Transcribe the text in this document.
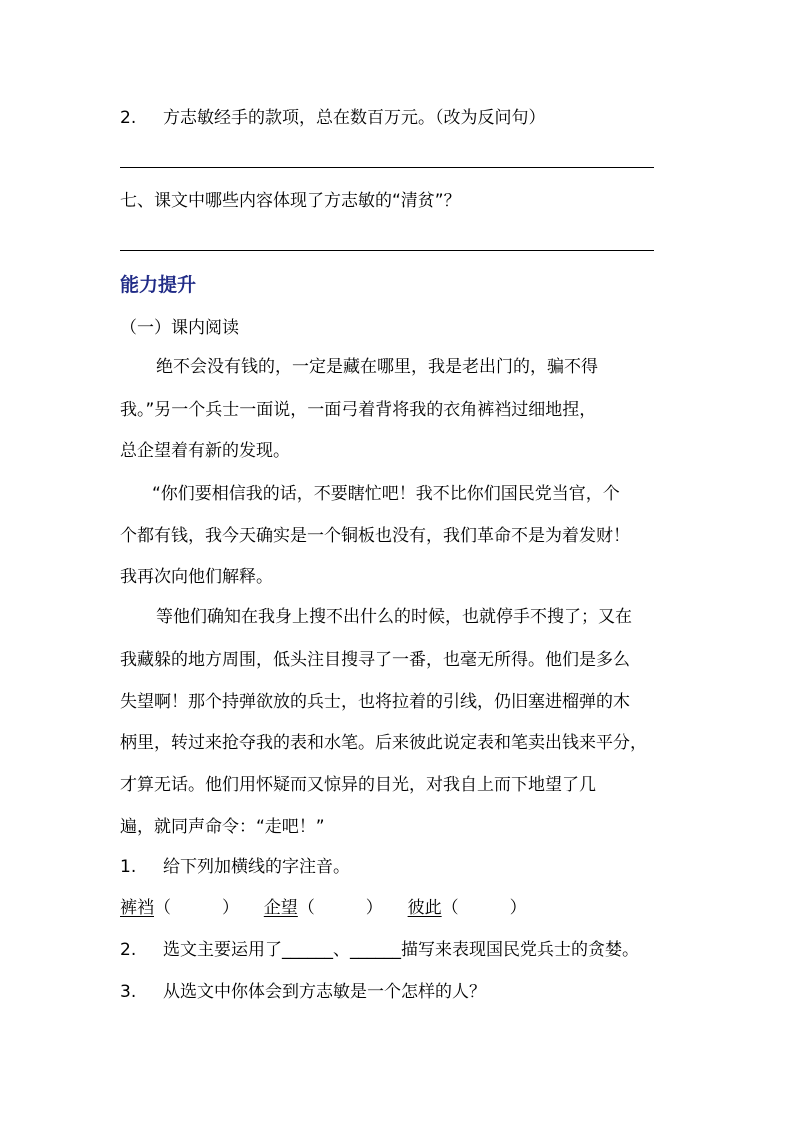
2. 方志敏经手的款项，总在数百万元。（改为反问句）
七、课文中哪些内容体现了方志敏的“清贫”？
能力提升
（一）课内阅读
绝不会没有钱的，一定是藏在哪里，我是老出门的，骗不得
我。”另一个兵士一面说，一面弓着背将我的衣角裤裆过细地捏，
总企望着有新的发现。
“你们要相信我的话，不要瞎忙吧！我不比你们国民党当官，个
个都有钱，我今天确实是一个铜板也没有，我们革命不是为着发财！
我再次向他们解释。
等他们确知在我身上搜不出什么的时候，也就停手不搜了；又在
我藏躲的地方周围，低头注目搜寻了一番，也毫无所得。他们是多么
失望啊！那个持弹欲放的兵士，也将拉着的引线，仍旧塞进榴弹的木
柄里，转过来抢夺我的表和水笔。后来彼此说定表和笔卖出钱来平分，
才算无话。他们用怀疑而又惊异的目光，对我自上而下地望了几
遍，就同声命令：“走吧！”
1. 给下列加横线的字注音。
裤裆（　　　） 企望（　　　） 彼此（　　　）
2. 选文主要运用了______、______描写来表现国民党兵士的贪婪。
3. 从选文中你体会到方志敏是一个怎样的人？
